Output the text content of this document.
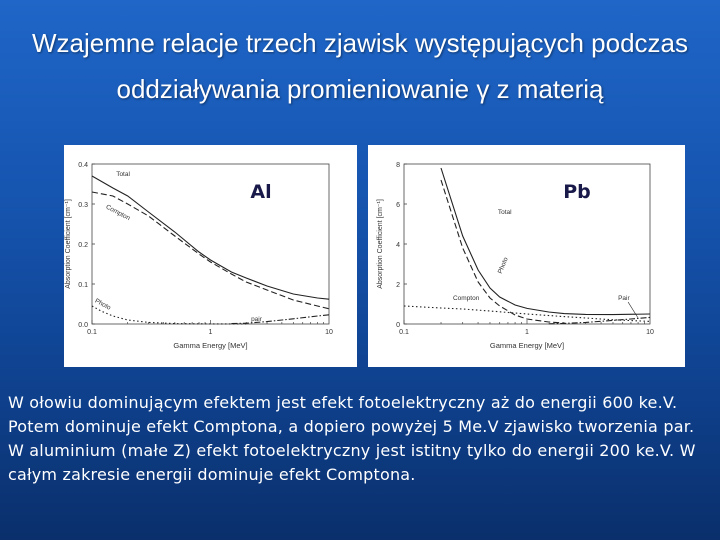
Wzajemne relacje trzech zjawisk występujących podczas
oddziaływania promieniowanie γ z materią
0.0
0.1
0.2
0.3
0.4
0.1	1	10
Gamma Energy [MeV]
Absorption Coefficient [cm⁻¹]
Total
Compton
Photo
pair
Al
0
2
4
6
8
0.1	1	10
Gamma Energy [MeV]
Absorption Coefficient [cm⁻¹]	Total
Photo
Compton	Pair
Pb
W ołowiu dominującym efektem jest efekt fotoelektryczny aż do energii 600 ke.V. Potem dominuje efekt Comptona, a dopiero powyżej 5 Me.V zjawisko tworzenia par. W aluminium (małe Z) efekt fotoelektryczny jest istitny tylko do energii 200 ke.V. W całym zakresie energii dominuje efekt Comptona.
